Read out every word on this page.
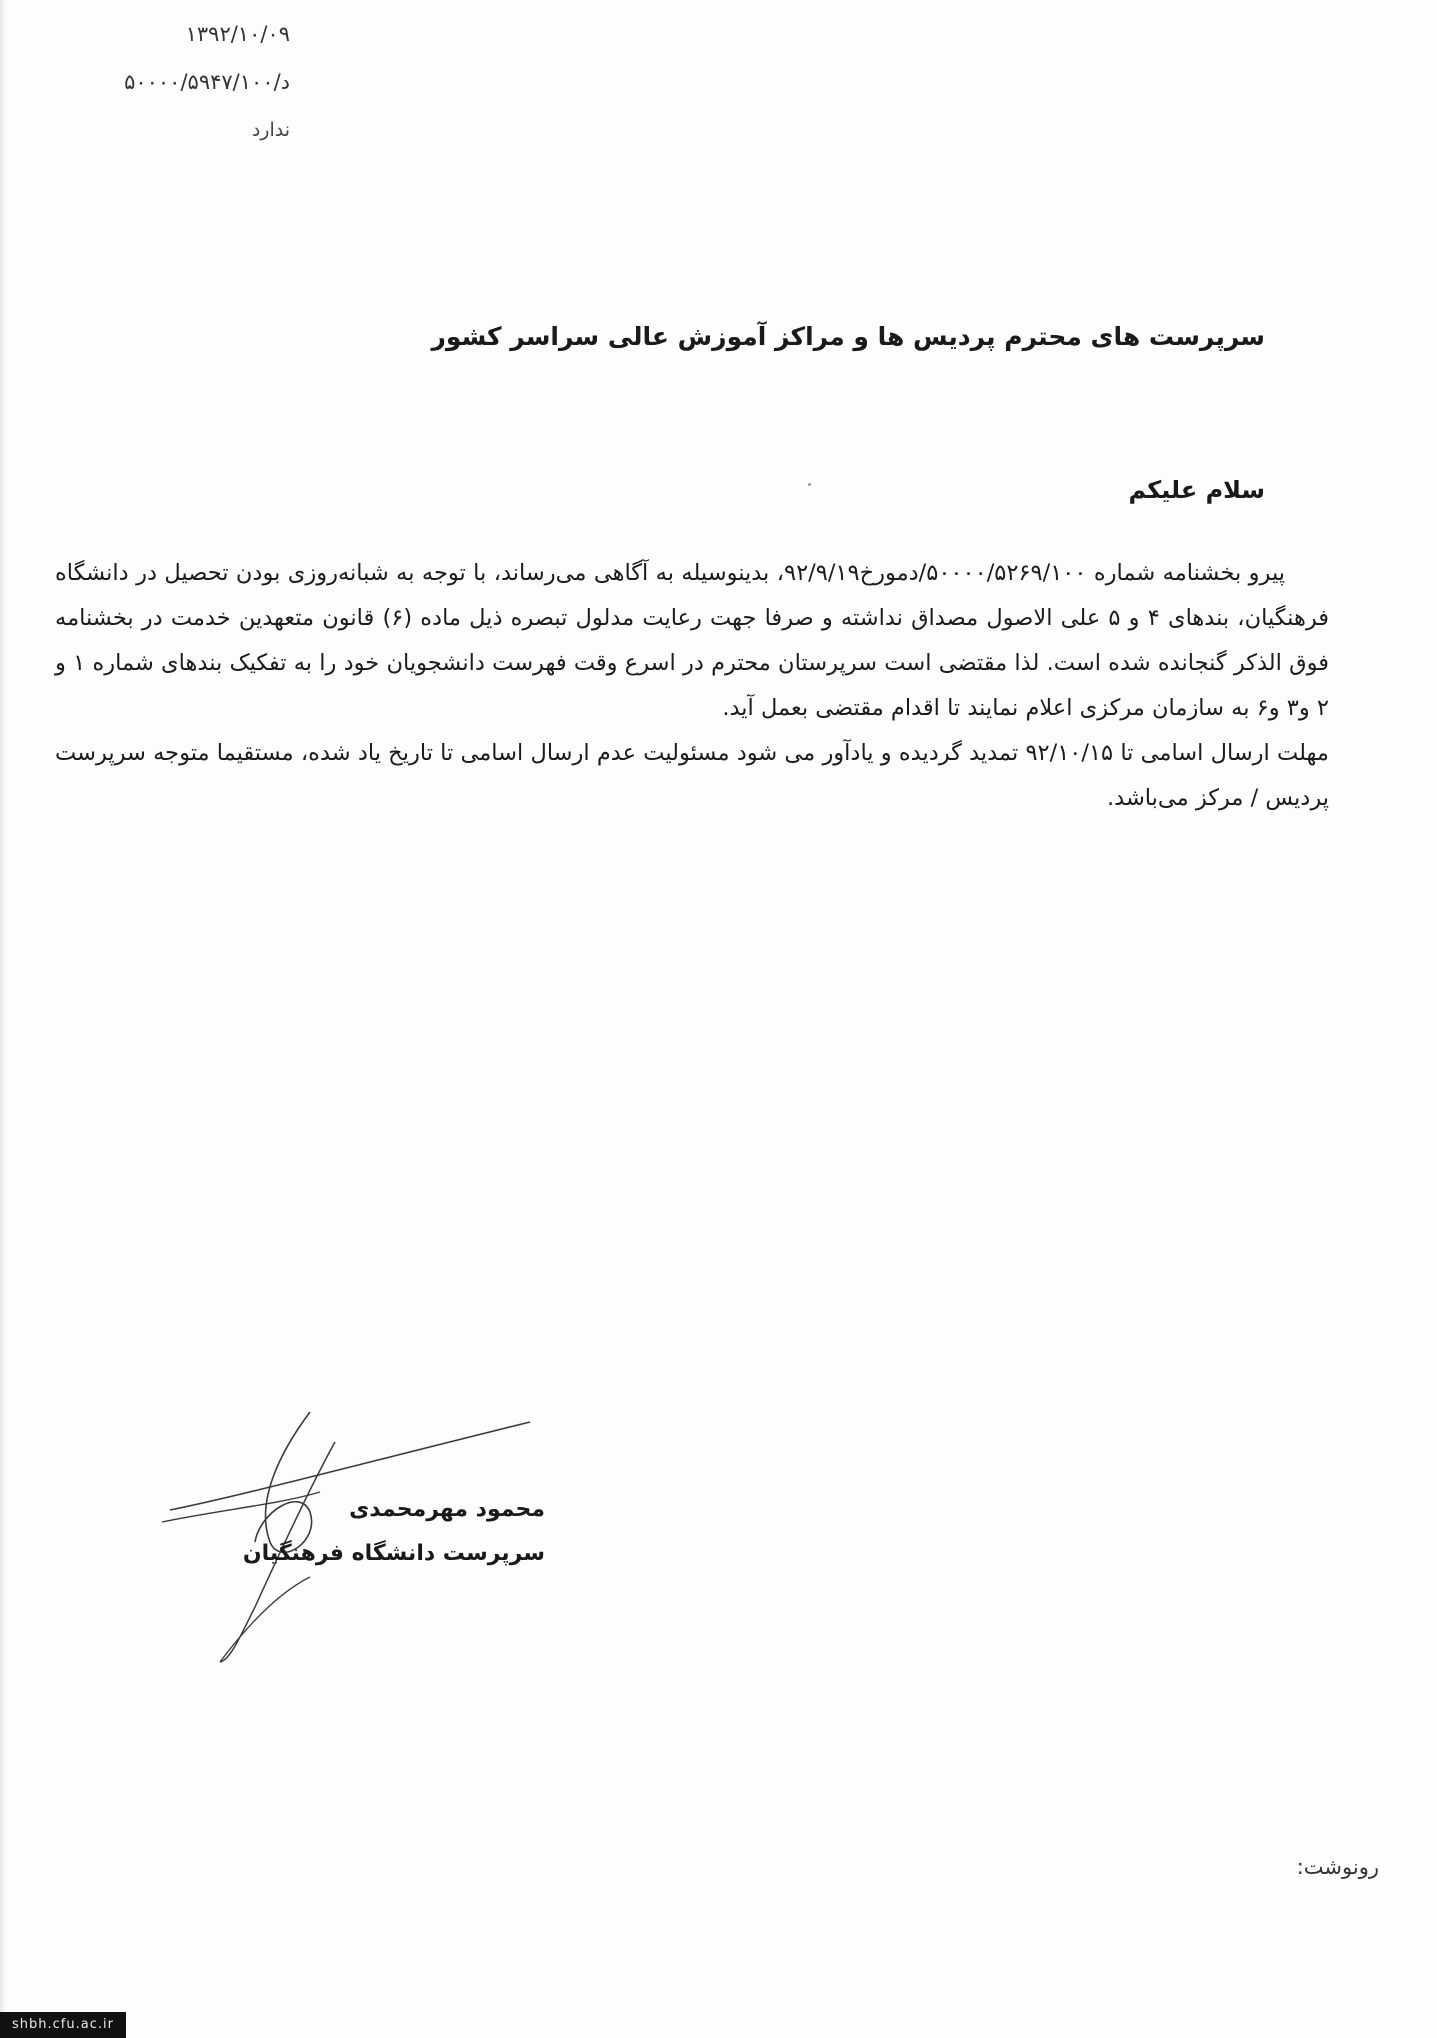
۱۳۹۲/۱۰/۰۹
۵۰۰۰۰/۵۹۴۷/۱۰۰/د
ندارد
سرپرست های محترم پردیس ها و مراکز آموزش عالی سراسر کشور
سلام علیکم

پیرو بخشنامه شماره ۵۰۰۰۰/۵۲۶۹/۱۰۰/دمورخ۹۲/۹/۱۹، بدینوسیله به آگاهی می‌رساند، با توجه به شبانه‌روزی بودن تحصیل در دانشگاه فرهنگیان، بندهای ۴ و ۵ علی الاصول مصداق نداشته و صرفا جهت رعایت مدلول تبصره ذیل ماده (۶) قانون متعهدین خدمت در بخشنامه فوق الذکر گنجانده شده است. لذا مقتضی است سرپرستان محترم در اسرع وقت فهرست دانشجویان خود را به تفکیک بندهای شماره ۱ و ۲ و۳ و۶ به سازمان مرکزی اعلام نمایند تا اقدام مقتضی بعمل آید.

مهلت ارسال اسامی تا ۹۲/۱۰/۱۵ تمدید گردیده و یادآور می شود مسئولیت عدم ارسال اسامی تا تاریخ یاد شده، مستقیما متوجه سرپرست پردیس / مرکز می‌باشد.

محمود مهرمحمدی
سرپرست دانشگاه فرهنگیان
رونوشت:
shbh.cfu.ac.ir
